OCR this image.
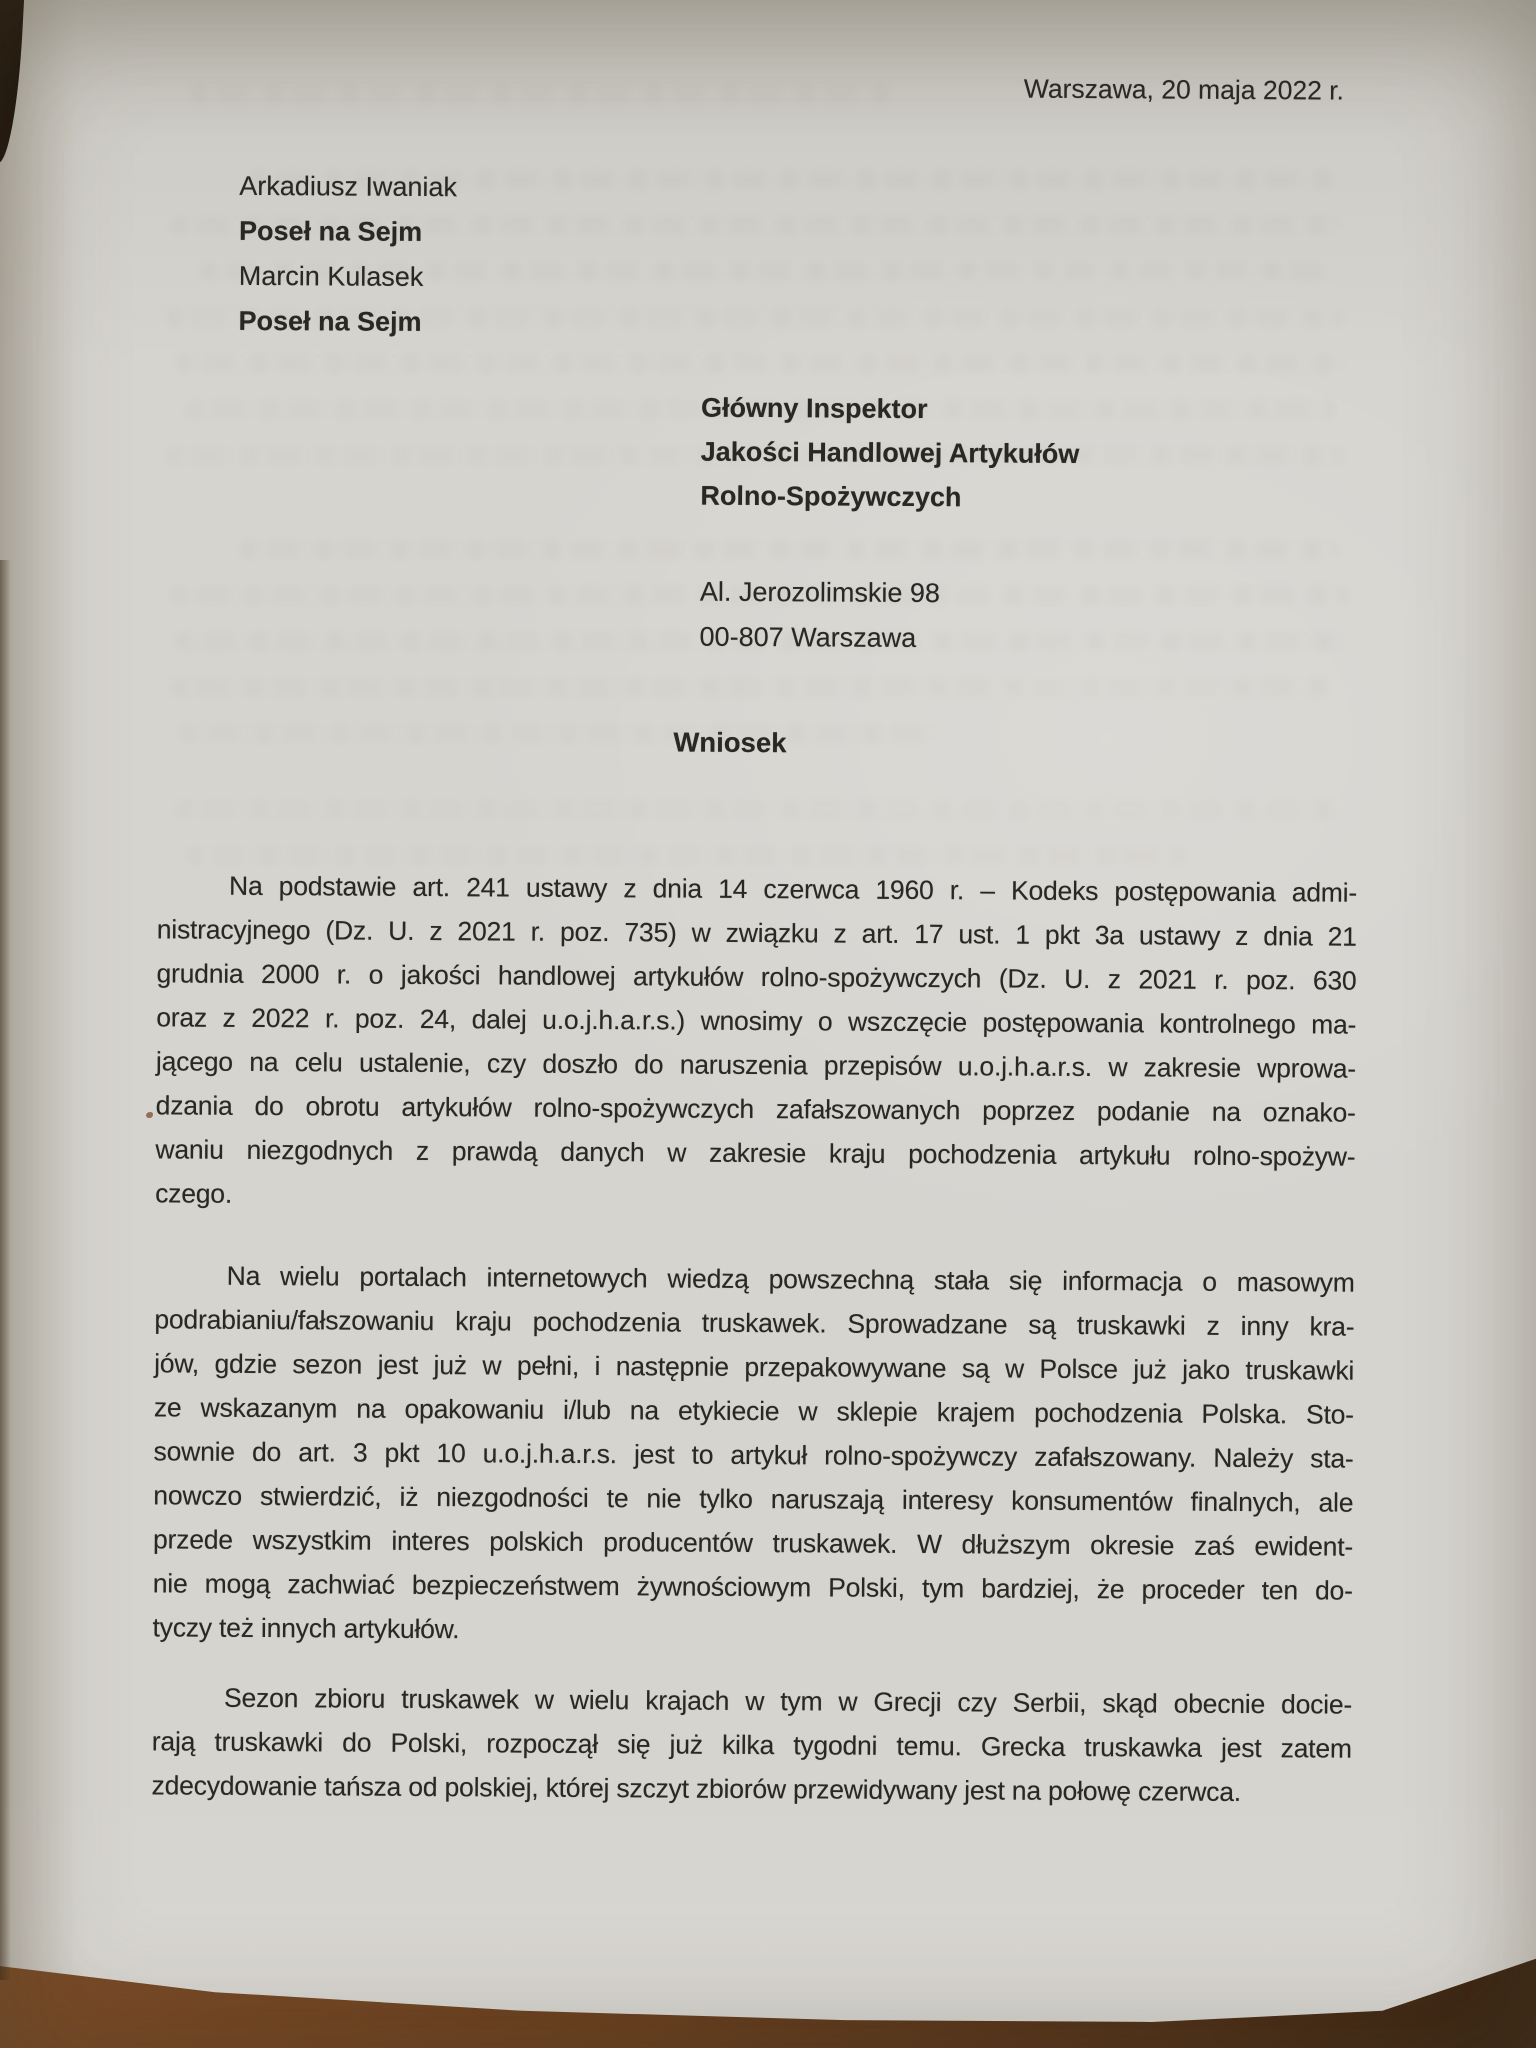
Warszawa, 20 maja 2022 r.
Arkadiusz Iwaniak
Poseł na Sejm
Marcin Kulasek
Poseł na Sejm
Główny Inspektor
Jakości Handlowej Artykułów
Rolno-Spożywczych
Al. Jerozolimskie 98
00-807 Warszawa
Wniosek
Na podstawie art. 241 ustawy z dnia 14 czerwca 1960 r. – Kodeks postępowania admi-
nistracyjnego (Dz. U. z 2021 r. poz. 735) w związku z art. 17 ust. 1 pkt 3a ustawy z dnia 21
grudnia 2000 r. o jakości handlowej artykułów rolno-spożywczych (Dz. U. z 2021 r. poz. 630
oraz z 2022 r. poz. 24, dalej u.o.j.h.a.r.s.) wnosimy o wszczęcie postępowania kontrolnego ma-
jącego na celu ustalenie, czy doszło do naruszenia przepisów u.o.j.h.a.r.s. w zakresie wprowa-
dzania do obrotu artykułów rolno-spożywczych zafałszowanych poprzez podanie na oznako-
waniu niezgodnych z prawdą danych w zakresie kraju pochodzenia artykułu rolno-spożyw-
czego.
Na wielu portalach internetowych wiedzą powszechną stała się informacja o masowym
podrabianiu/fałszowaniu kraju pochodzenia truskawek. Sprowadzane są truskawki z inny kra-
jów, gdzie sezon jest już w pełni, i następnie przepakowywane są w Polsce już jako truskawki
ze wskazanym na opakowaniu i/lub na etykiecie w sklepie krajem pochodzenia Polska. Sto-
sownie do art. 3 pkt 10 u.o.j.h.a.r.s. jest to artykuł rolno-spożywczy zafałszowany. Należy sta-
nowczo stwierdzić, iż niezgodności te nie tylko naruszają interesy konsumentów finalnych, ale
przede wszystkim interes polskich producentów truskawek. W dłuższym okresie zaś ewident-
nie mogą zachwiać bezpieczeństwem żywnościowym Polski, tym bardziej, że proceder ten do-
tyczy też innych artykułów.
Sezon zbioru truskawek w wielu krajach w tym w Grecji czy Serbii, skąd obecnie docie-
rają truskawki do Polski, rozpoczął się już kilka tygodni temu. Grecka truskawka jest zatem
zdecydowanie tańsza od polskiej, której szczyt zbiorów przewidywany jest na połowę czerwca.
